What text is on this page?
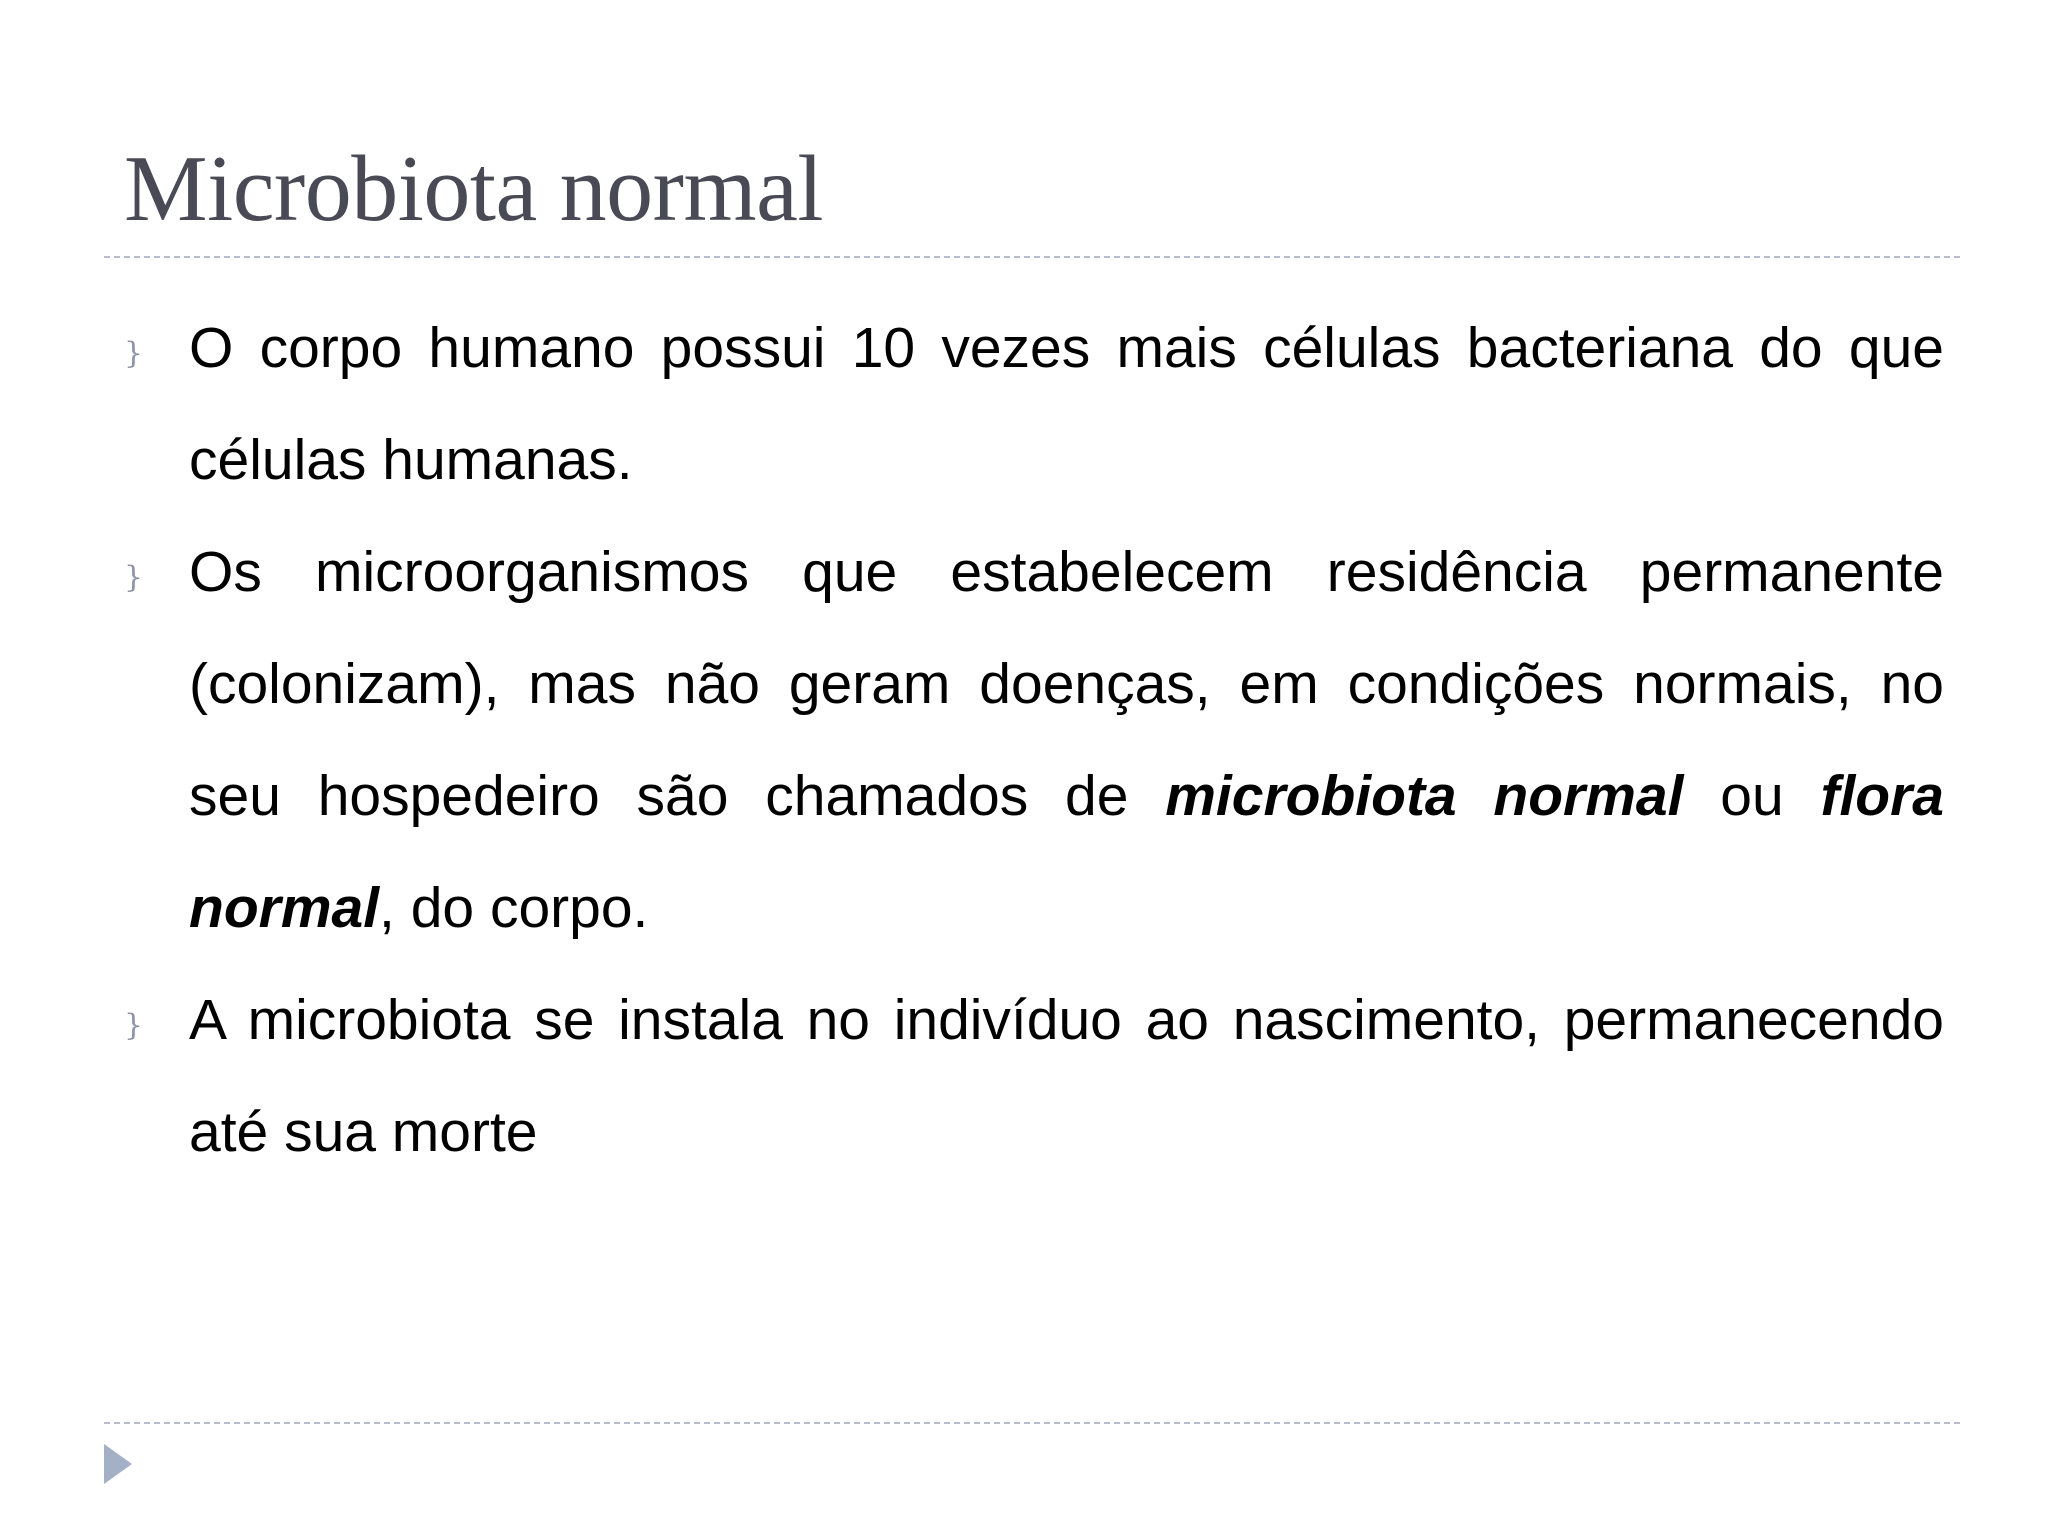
Microbiota normal
} O corpo humano possui 10 vezes mais células bacteriana do que células humanas.
} Os microorganismos que estabelecem residência permanente (colonizam), mas não geram doenças, em condições normais, no seu hospedeiro são chamados de microbiota normal ou flora normal, do corpo.
} A microbiota se instala no indivíduo ao nascimento, permanecendo até sua morte
